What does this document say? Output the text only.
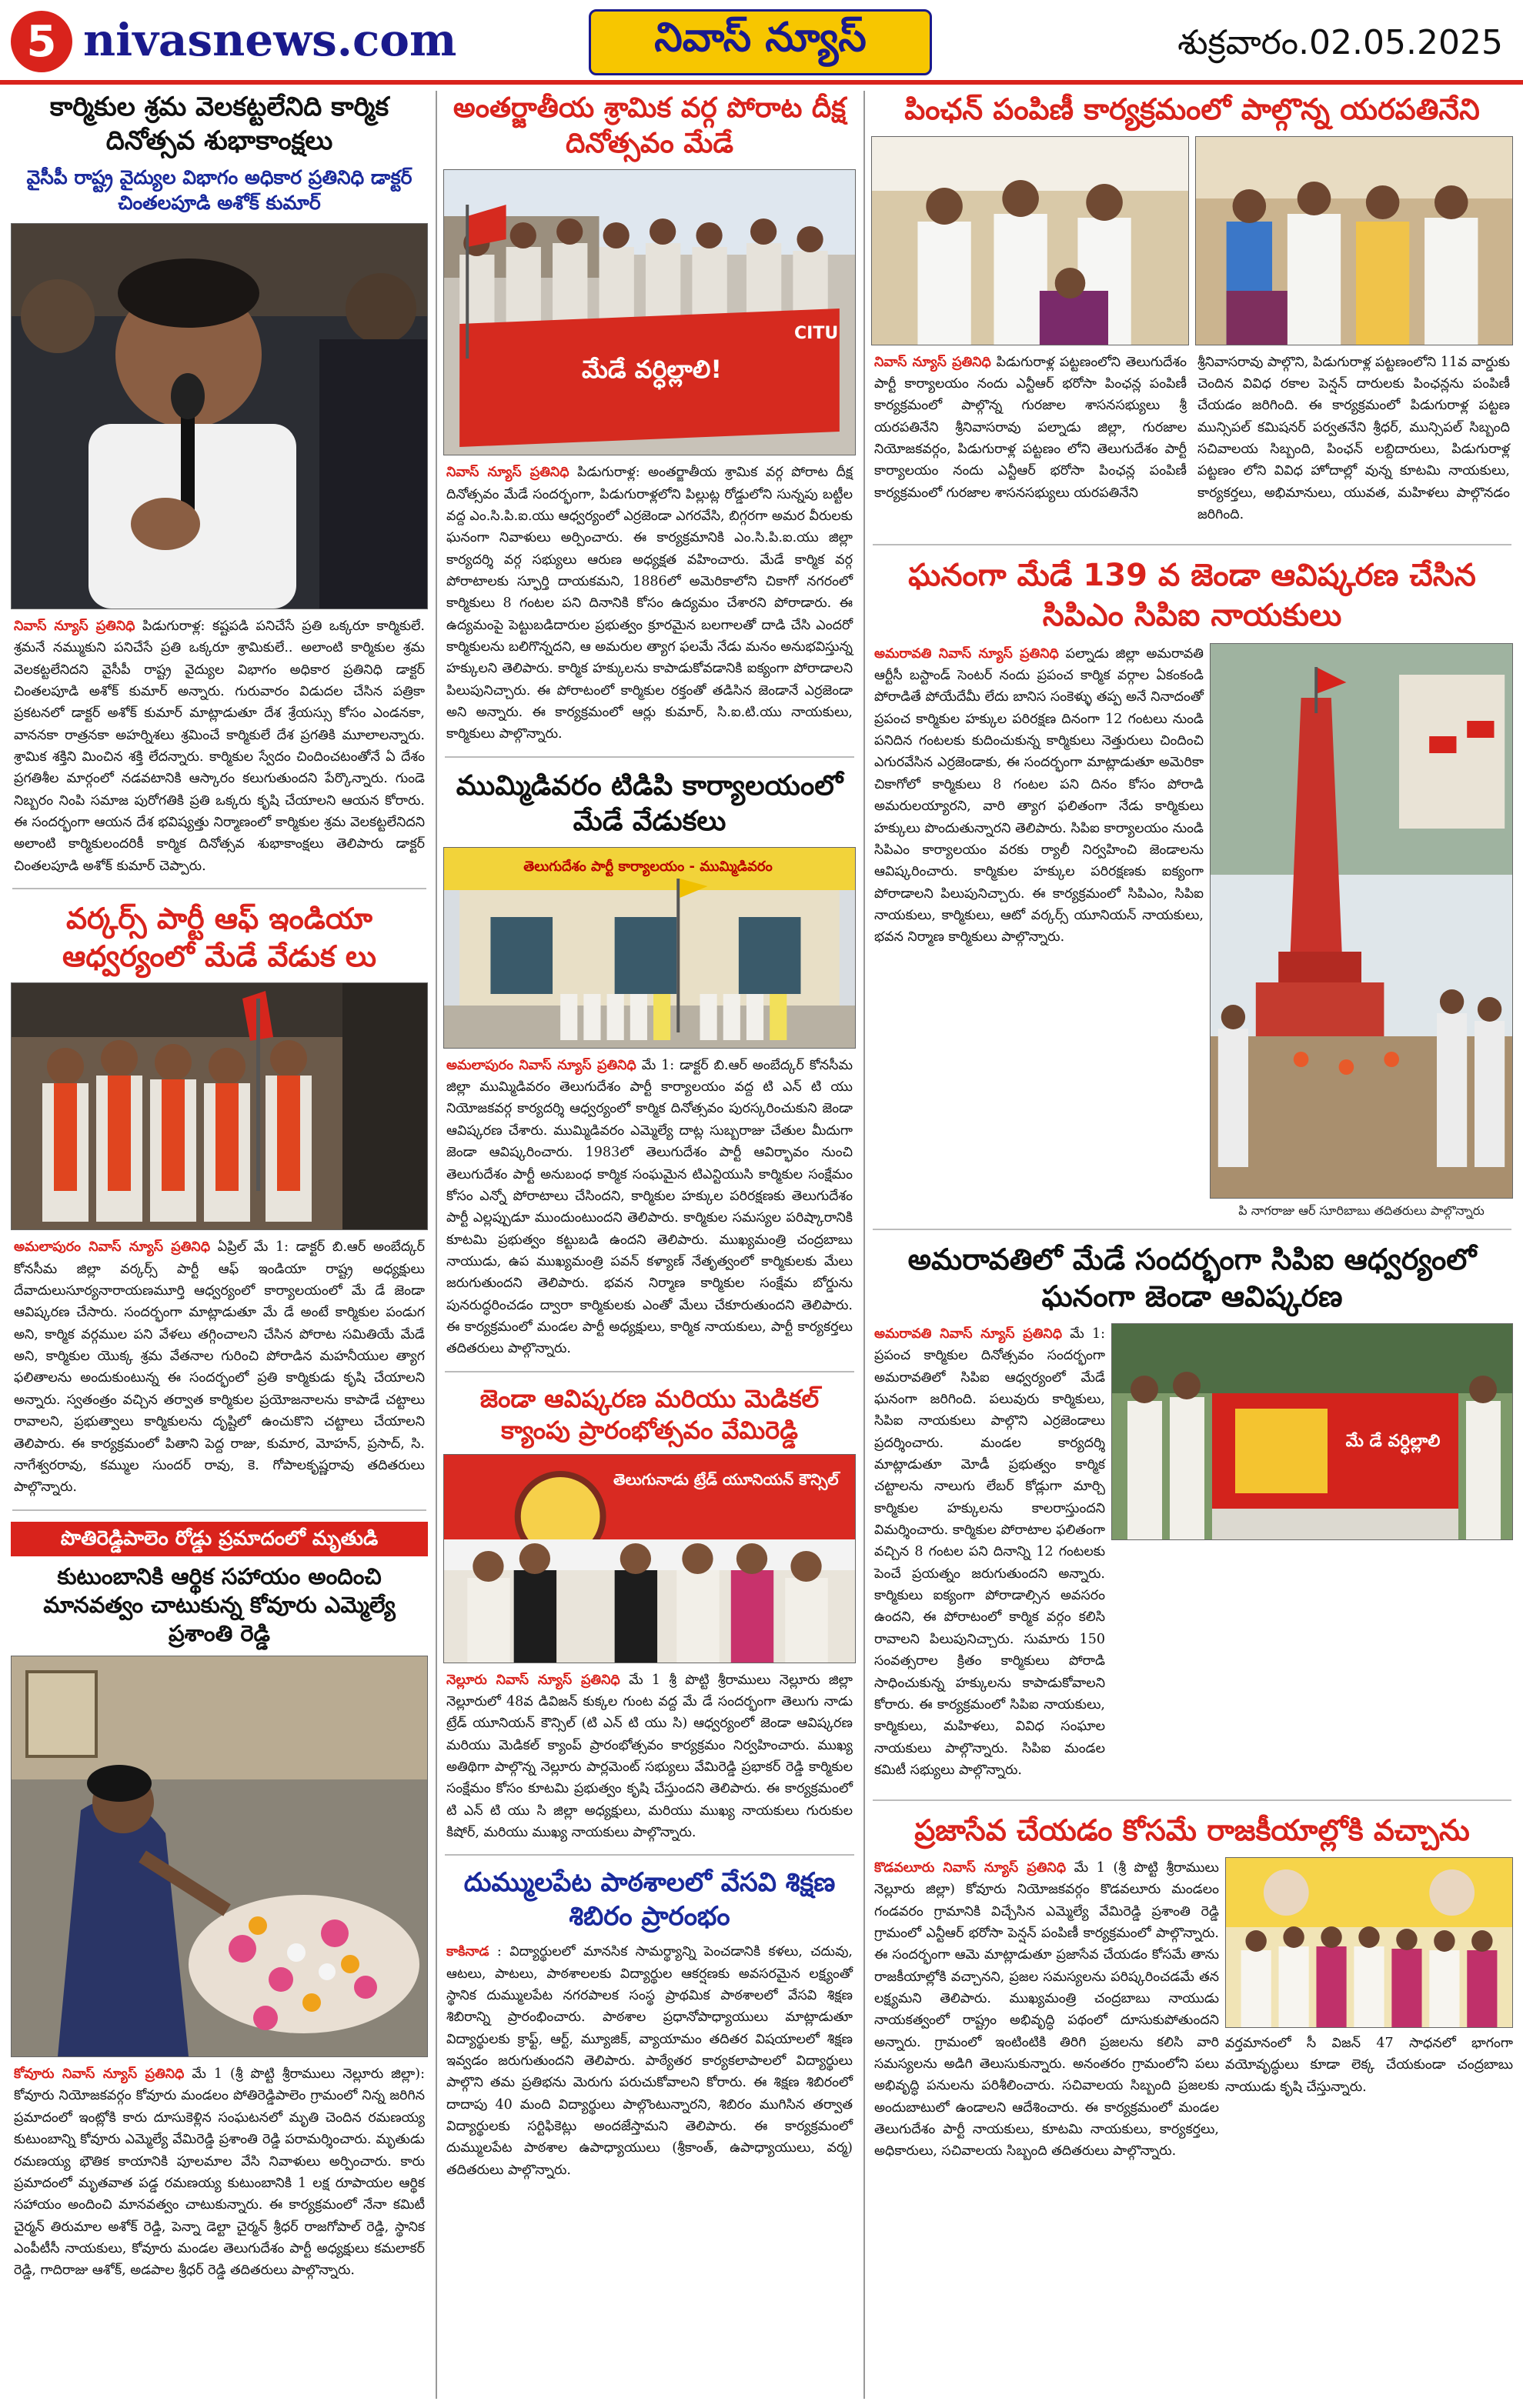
5 nivasnews.com	నివాస్ న్యూస్	శుక్రవారం.02.05.2025
కార్మికుల శ్రమ వెలకట్టలేనిది కార్మిక దినోత్సవ శుభాకాంక్షలు
వైసీపీ రాష్ట్ర వైద్యుల విభాగం అధికార ప్రతినిధి డాక్టర్ చింతలపూడి అశోక్ కుమార్
నివాస్ న్యూస్ ప్రతినిధి పిడుగురాళ్ల: కష్టపడి పనిచేసే ప్రతి ఒక్కరూ కార్మికులే. శ్రమనే నమ్ముకుని పనిచేసే ప్రతి ఒక్కరూ శ్రామికులే.. అలాంటి కార్మికుల శ్రమ వెలకట్టలేనిదని వైసీపీ రాష్ట్ర వైద్యుల విభాగం అధికార ప్రతినిధి డాక్టర్ చింతలపూడి అశోక్ కుమార్ అన్నారు. గురువారం విడుదల చేసిన పత్రికా ప్రకటనలో డాక్టర్ అశోక్ కుమార్ మాట్లాడుతూ దేశ శ్రేయస్సు కోసం ఎండనకా, వాననకా రాత్రనకా అహర్నిశలు శ్రమించే కార్మికులే దేశ ప్రగతికి మూలాలన్నారు. శ్రామిక శక్తిని మించిన శక్తి లేదన్నారు. కార్మికుల స్వేదం చిందించటంతోనే ఏ దేశం ప్రగతిశీల మార్గంలో నడవటానికి ఆస్కారం కలుగుతుందని పేర్కొన్నారు. గుండె నిబ్బరం నింపి సమాజ పురోగతికి ప్రతి ఒక్కరు కృషి చేయాలని ఆయన కోరారు. ఈ సందర్భంగా ఆయన దేశ భవిష్యత్తు నిర్మాణంలో కార్మికుల శ్రమ వెలకట్టలేనిదని అలాంటి కార్మికులందరికీ కార్మిక దినోత్సవ శుభాకాంక్షలు తెలిపారు డాక్టర్ చింతలపూడి అశోక్ కుమార్ చెప్పారు.
వర్కర్స్ పార్టీ ఆఫ్ ఇండియా ఆధ్వర్యంలో మేడే వేడుక లు
అమలాపురం నివాస్ న్యూస్ ప్రతినిధి ఏప్రిల్ మే 1: డాక్టర్ బి.ఆర్ అంబేద్కర్ కోనసీమ జిల్లా వర్కర్స్ పార్టీ ఆఫ్ ఇండియా రాష్ట్ర అధ్యక్షులు దేవాదులుసూర్యనారాయణమూర్తి ఆధ్వర్యంలో కార్యాలయంలో మే డే జెండా ఆవిష్కరణ చేసారు. సందర్భంగా మాట్లాడుతూ మే డే అంటే కార్మికుల పండుగ అని, కార్మిక వర్గముల పని వేళలు తగ్గించాలని చేసిన పోరాట సమితియే మేడే అని, కార్మికుల యొక్క శ్రమ వేతనాల గురించి పోరాడిన మహనీయుల త్యాగ ఫలితాలను అందుకుంటున్న ఈ సందర్భంలో ప్రతి కార్మికుడు కృషి చేయాలని అన్నారు. స్వతంత్రం వచ్చిన తర్వాత కార్మికుల ప్రయోజనాలను కాపాడే చట్టాలు రావాలని, ప్రభుత్వాలు కార్మికులను దృష్టిలో ఉంచుకొని చట్టాలు చేయాలని తెలిపారు. ఈ కార్యక్రమంలో పితాని పెద్ద రాజు, కుమార, మోహన్, ప్రసాద్, సి. నాగేశ్వరరావు, కమ్ముల సుందర్ రావు, కె. గోపాలకృష్ణరావు తదితరులు పాల్గొన్నారు.
పొతిరెడ్డిపాలెం రోడ్డు ప్రమాదంలో మృతుడి
కుటుంబానికి ఆర్థిక సహాయం అందించి మానవత్వం చాటుకున్న కోవూరు ఎమ్మెల్యే ప్రశాంతి రెడ్డి
కోవూరు నివాస్ న్యూస్ ప్రతినిధి మే 1 (శ్రీ పొట్టి శ్రీరాములు నెల్లూరు జిల్లా): కోవూరు నియోజకవర్గం కోవూరు మండలం పోతిరెడ్డిపాలెం గ్రామంలో నిన్న జరిగిన ప్రమాదంలో ఇంట్లోకి కారు దూసుకెళ్లిన సంఘటనలో మృతి చెందిన రమణయ్య కుటుంబాన్ని కోవూరు ఎమ్మెల్యే వేమిరెడ్డి ప్రశాంతి రెడ్డి పరామర్శించారు. మృతుడు రమణయ్య భౌతిక కాయానికి పూలమాల వేసి నివాళులు అర్పించారు. కారు ప్రమాదంలో మృతవాత పడ్డ రమణయ్య కుటుంబానికి 1 లక్ష రూపాయల ఆర్థిక సహాయం అందించి మానవత్వం చాటుకున్నారు. ఈ కార్యక్రమంలో నేనా కమిటీ చైర్మన్ తిరుమాల అశోక్ రెడ్డి, పెన్నా డెల్టా చైర్మన్ శ్రీధర్ రాజగోపాల్ రెడ్డి, స్థానిక ఎంపీటీసీ నాయకులు, కోవూరు మండల తెలుగుదేశం పార్టీ అధ్యక్షులు కమలాకర్ రెడ్డి, గాదిరాజు ఆశోక్, అడపాల శ్రీధర్ రెడ్డి తదితరులు పాల్గొన్నారు.
అంతర్జాతీయ శ్రామిక వర్గ పోరాట దీక్ష దినోత్సవం మేడే
మేడే వర్ధిల్లాలి!
CITU
నివాస్ న్యూస్ ప్రతినిధి పిడుగురాళ్ల: అంతర్జాతీయ శ్రామిక వర్గ పోరాట దీక్ష దినోత్సవం మేడే సందర్భంగా, పిడుగురాళ్లలోని పిల్లుట్ల రోడ్డులోని సున్నపు బట్టీల వద్ద ఎం.సి.పి.ఐ.యు ఆధ్వర్యంలో ఎర్రజెండా ఎగరవేసి, బిగ్గరగా అమర వీరులకు ఘనంగా నివాళులు అర్పించారు. ఈ కార్యక్రమానికి ఎం.సి.పి.ఐ.యు జిల్లా కార్యదర్శి వర్గ సభ్యులు ఆరుణ అధ్యక్షత వహించారు. మేడే కార్మిక వర్గ పోరాటాలకు స్ఫూర్తి దాయకమని, 1886లో అమెరికాలోని చికాగో నగరంలో కార్మికులు 8 గంటల పని దినానికి కోసం ఉద్యమం చేశారని పోరాడారు. ఈ ఉద్యమంపై పెట్టుబడిదారుల ప్రభుత్వం క్రూరమైన బలగాలతో దాడి చేసి ఎందరో కార్మికులను బలిగొన్నదని, ఆ అమరుల త్యాగ ఫలమే నేడు మనం అనుభవిస్తున్న హక్కులని తెలిపారు. కార్మిక హక్కులను కాపాడుకోవడానికి ఐక్యంగా పోరాడాలని పిలుపునిచ్చారు. ఈ పోరాటంలో కార్మికుల రక్తంతో తడిసిన జెండానే ఎర్రజెండా అని అన్నారు. ఈ కార్యక్రమంలో ఆర్లు కుమార్, సి.ఐ.టి.యు నాయకులు, కార్మికులు పాల్గొన్నారు.
ముమ్మిడివరం టిడిపి కార్యాలయంలో మేడే వేడుకలు
తెలుగుదేశం పార్టీ కార్యాలయం - ముమ్మిడివరం
అమలాపురం నివాస్ న్యూస్ ప్రతినిధి మే 1: డాక్టర్ బి.ఆర్ అంబేద్కర్ కోనసీమ జిల్లా ముమ్మిడివరం తెలుగుదేశం పార్టీ కార్యాలయం వద్ద టి ఎన్ టి యు నియోజకవర్గ కార్యదర్శి ఆధ్వర్యంలో కార్మిక దినోత్సవం పురస్కరించుకుని జెండా ఆవిష్కరణ చేశారు. ముమ్మిడివరం ఎమ్మెల్యే దాట్ల సుబ్బరాజు చేతుల మీదుగా జెండా ఆవిష్కరించారు. 1983లో తెలుగుదేశం పార్టీ ఆవిర్భావం నుంచి తెలుగుదేశం పార్టీ అనుబంధ కార్మిక సంఘమైన టిఎన్టియుసి కార్మికుల సంక్షేమం కోసం ఎన్నో పోరాటాలు చేసిందని, కార్మికుల హక్కుల పరిరక్షణకు తెలుగుదేశం పార్టీ ఎల్లప్పుడూ ముందుంటుందని తెలిపారు. కార్మికుల సమస్యల పరిష్కారానికి కూటమి ప్రభుత్వం కట్టుబడి ఉందని తెలిపారు. ముఖ్యమంత్రి చంద్రబాబు నాయుడు, ఉప ముఖ్యమంత్రి పవన్ కళ్యాణ్ నేతృత్వంలో కార్మికులకు మేలు జరుగుతుందని తెలిపారు. భవన నిర్మాణ కార్మికుల సంక్షేమ బోర్డును పునరుద్ధరించడం ద్వారా కార్మికులకు ఎంతో మేలు చేకూరుతుందని తెలిపారు. ఈ కార్యక్రమంలో మండల పార్టీ అధ్యక్షులు, కార్మిక నాయకులు, పార్టీ కార్యకర్తలు తదితరులు పాల్గొన్నారు.
జెండా ఆవిష్కరణ మరియు మెడికల్ క్యాంపు ప్రారంభోత్సవం వేమిరెడ్డి
తెలుగునాడు ట్రేడ్ యూనియన్ కౌన్సిల్
నెల్లూరు నివాస్ న్యూస్ ప్రతినిధి మే 1 శ్రీ పొట్టి శ్రీరాములు నెల్లూరు జిల్లా నెల్లూరులో 48వ డివిజన్ కుక్కల గుంట వద్ద మే డే సందర్భంగా తెలుగు నాడు ట్రేడ్ యూనియన్ కౌన్సిల్ (టి ఎన్ టి యు సి) ఆధ్వర్యంలో జెండా ఆవిష్కరణ మరియు మెడికల్ క్యాంప్ ప్రారంభోత్సవం కార్యక్రమం నిర్వహించారు. ముఖ్య అతిథిగా పాల్గొన్న నెల్లూరు పార్లమెంట్ సభ్యులు వేమిరెడ్డి ప్రభాకర్ రెడ్డి కార్మికుల సంక్షేమం కోసం కూటమి ప్రభుత్వం కృషి చేస్తుందని తెలిపారు. ఈ కార్యక్రమంలో టి ఎన్ టి యు సి జిల్లా అధ్యక్షులు, మరియు ముఖ్య నాయకులు గురుకుల కిషోర్, మరియు ముఖ్య నాయకులు పాల్గొన్నారు.
దుమ్ములపేట పాఠశాలలో వేసవి శిక్షణ శిబిరం ప్రారంభం
కాకినాడ : విద్యార్థులలో మానసిక సామర్థ్యాన్ని పెంచడానికి కళలు, చదువు, ఆటలు, పాటలు, పాఠశాలలకు విద్యార్థుల ఆకర్షణకు అవసరమైన లక్ష్యంతో స్థానిక దుమ్ములపేట నగరపాలక సంస్థ ప్రాథమిక పాఠశాలలో వేసవి శిక్షణ శిబిరాన్ని ప్రారంభించారు. పాఠశాల ప్రధానోపాధ్యాయులు మాట్లాడుతూ విద్యార్థులకు క్రాఫ్ట్, ఆర్ట్, మ్యూజిక్, వ్యాయామం తదితర విషయాలలో శిక్షణ ఇవ్వడం జరుగుతుందని తెలిపారు. పాఠ్యేతర కార్యకలాపాలలో విద్యార్థులు పాల్గొని తమ ప్రతిభను మెరుగు పరుచుకోవాలని కోరారు. ఈ శిక్షణ శిబిరంలో దాదాపు 40 మంది విద్యార్థులు పాల్గొంటున్నారని, శిబిరం ముగిసిన తర్వాత విద్యార్థులకు సర్టిఫికెట్లు అందజేస్తామని తెలిపారు. ఈ కార్యక్రమంలో దుమ్ములపేట పాఠశాల ఉపాధ్యాయులు (శ్రీకాంత్, ఉపాధ్యాయులు, వర్మ) తదితరులు పాల్గొన్నారు.
పింఛన్ పంపిణీ కార్యక్రమంలో పాల్గొన్న యరపతినేని
నివాస్ న్యూస్ ప్రతినిధి పిడుగురాళ్ల పట్టణంలోని తెలుగుదేశం పార్టీ కార్యాలయం నందు ఎన్టీఆర్ భరోసా పింఛన్ల పంపిణీ కార్యక్రమంలో పాల్గొన్న గురజాల శాసనసభ్యులు శ్రీ యరపతినేని శ్రీనివాసరావు పల్నాడు జిల్లా, గురజాల నియోజకవర్గం, పిడుగురాళ్ల పట్టణం లోని తెలుగుదేశం పార్టీ కార్యాలయం నందు ఎన్టీఆర్ భరోసా పింఛన్ల పంపిణీ కార్యక్రమంలో గురజాల శాసనసభ్యులు యరపతినేని
శ్రీనివాసరావు పాల్గొని, పిడుగురాళ్ల పట్టణంలోని 11వ వార్డుకు చెందిన వివిధ రకాల పెన్షన్ దారులకు పింఛన్లను పంపిణీ చేయడం జరిగింది. ఈ కార్యక్రమంలో పిడుగురాళ్ల పట్టణ మున్సిపల్ కమిషనర్ పర్వతనేని శ్రీధర్, మున్సిపల్ సిబ్బంది సచివాలయ సిబ్బంది, పింఛన్ లబ్దిదారులు, పిడుగురాళ్ల పట్టణం లోని వివిధ హోదాల్లో వున్న కూటమి నాయకులు, కార్యకర్తలు, అభిమానులు, యువత, మహిళలు పాల్గొనడం జరిగింది.
ఘనంగా మేడే 139 వ జెండా ఆవిష్కరణ చేసిన సిపిఎం సిపిఐ నాయకులు
అమరావతి నివాస్ న్యూస్ ప్రతినిధి పల్నాడు జిల్లా అమరావతి ఆర్టీసీ బస్టాండ్ సెంటర్ నందు ప్రపంచ కార్మిక వర్గాల ఏకంకండి పోరాడితే పోయేదేమీ లేదు బానిస సంకెళ్ళు తప్ప అనే నినాదంతో ప్రపంచ కార్మికుల హక్కుల పరిరక్షణ దినంగా 12 గంటలు నుండి పనిదిన గంటలకు కుదించుకున్న కార్మికులు నెత్తురులు చిందించి ఎగురవేసిన ఎర్రజెండాకు, ఈ సందర్భంగా మాట్లాడుతూ అమెరికా చికాగోలో కార్మికులు 8 గంటల పని దినం కోసం పోరాడి అమరులయ్యారని, వారి త్యాగ ఫలితంగా నేడు కార్మికులు హక్కులు పొందుతున్నారని తెలిపారు. సిపిఐ కార్యాలయం నుండి సిపిఎం కార్యాలయం వరకు ర్యాలీ నిర్వహించి జెండాలను ఆవిష్కరించారు. కార్మికుల హక్కుల పరిరక్షణకు ఐక్యంగా పోరాడాలని పిలుపునిచ్చారు. ఈ కార్యక్రమంలో సిపిఎం, సిపిఐ నాయకులు, కార్మికులు, ఆటో వర్కర్స్ యూనియన్ నాయకులు, భవన నిర్మాణ కార్మికులు పాల్గొన్నారు.
పి నాగరాజు ఆర్ సూరిబాబు తదితరులు పాల్గొన్నారు
అమరావతిలో మేడే సందర్భంగా సిపిఐ ఆధ్వర్యంలో ఘనంగా జెండా ఆవిష్కరణ
అమరావతి నివాస్ న్యూస్ ప్రతినిధి మే 1: ప్రపంచ కార్మికుల దినోత్సవం సందర్భంగా అమరావతిలో సిపిఐ ఆధ్వర్యంలో మేడే ఘనంగా జరిగింది. పలువురు కార్మికులు, సిపిఐ నాయకులు పాల్గొని ఎర్రజెండాలు ప్రదర్శించారు. మండల కార్యదర్శి మాట్లాడుతూ మోడీ ప్రభుత్వం కార్మిక చట్టాలను నాలుగు లేబర్ కోడ్లుగా మార్చి కార్మికుల హక్కులను కాలరాస్తుందని విమర్శించారు. కార్మికుల పోరాటాల ఫలితంగా వచ్చిన 8 గంటల పని దినాన్ని 12 గంటలకు పెంచే ప్రయత్నం జరుగుతుందని అన్నారు. కార్మికులు ఐక్యంగా పోరాడాల్సిన అవసరం ఉందని, ఈ పోరాటంలో కార్మిక వర్గం కలిసి రావాలని పిలుపునిచ్చారు. సుమారు 150 సంవత్సరాల క్రితం కార్మికులు పోరాడి సాధించుకున్న హక్కులను కాపాడుకోవాలని కోరారు. ఈ కార్యక్రమంలో సిపిఐ నాయకులు, కార్మికులు, మహిళలు, వివిధ సంఘాల నాయకులు పాల్గొన్నారు. సిపిఐ మండల కమిటీ సభ్యులు పాల్గొన్నారు.
మే డే వర్ధిల్లాలి
ప్రజాసేవ చేయడం కోసమే రాజకీయాల్లోకి వచ్చాను
కొడవలూరు నివాస్ న్యూస్ ప్రతినిధి మే 1 (శ్రీ పొట్టి శ్రీరాములు నెల్లూరు జిల్లా) కోవూరు నియోజకవర్గం కొడవలూరు మండలం గండవరం గ్రామానికి విచ్చేసిన ఎమ్మెల్యే వేమిరెడ్డి ప్రశాంతి రెడ్డి గ్రామంలో ఎన్టీఆర్ భరోసా పెన్షన్ పంపిణీ కార్యక్రమంలో పాల్గొన్నారు. ఈ సందర్భంగా ఆమె మాట్లాడుతూ ప్రజాసేవ చేయడం కోసమే తాను రాజకీయాల్లోకి వచ్చానని, ప్రజల సమస్యలను పరిష్కరించడమే తన లక్ష్యమని తెలిపారు. ముఖ్యమంత్రి చంద్రబాబు నాయుడు నాయకత్వంలో రాష్ట్రం అభివృద్ధి పథంలో దూసుకుపోతుందని అన్నారు. గ్రామంలో ఇంటింటికి తిరిగి ప్రజలను కలిసి వారి సమస్యలను అడిగి తెలుసుకున్నారు. అనంతరం గ్రామంలోని పలు అభివృద్ధి పనులను పరిశీలించారు. సచివాలయ సిబ్బంది ప్రజలకు అందుబాటులో ఉండాలని ఆదేశించారు. ఈ కార్యక్రమంలో మండల తెలుగుదేశం పార్టీ నాయకులు, కూటమి నాయకులు, కార్యకర్తలు, అధికారులు, సచివాలయ సిబ్బంది తదితరులు పాల్గొన్నారు.
వర్తమానంలో సీ విజన్ 47 సాధనలో భాగంగా వయోవృద్ధులు కూడా లెక్క చేయకుండా చంద్రబాబు నాయుడు కృషి చేస్తున్నారు.
